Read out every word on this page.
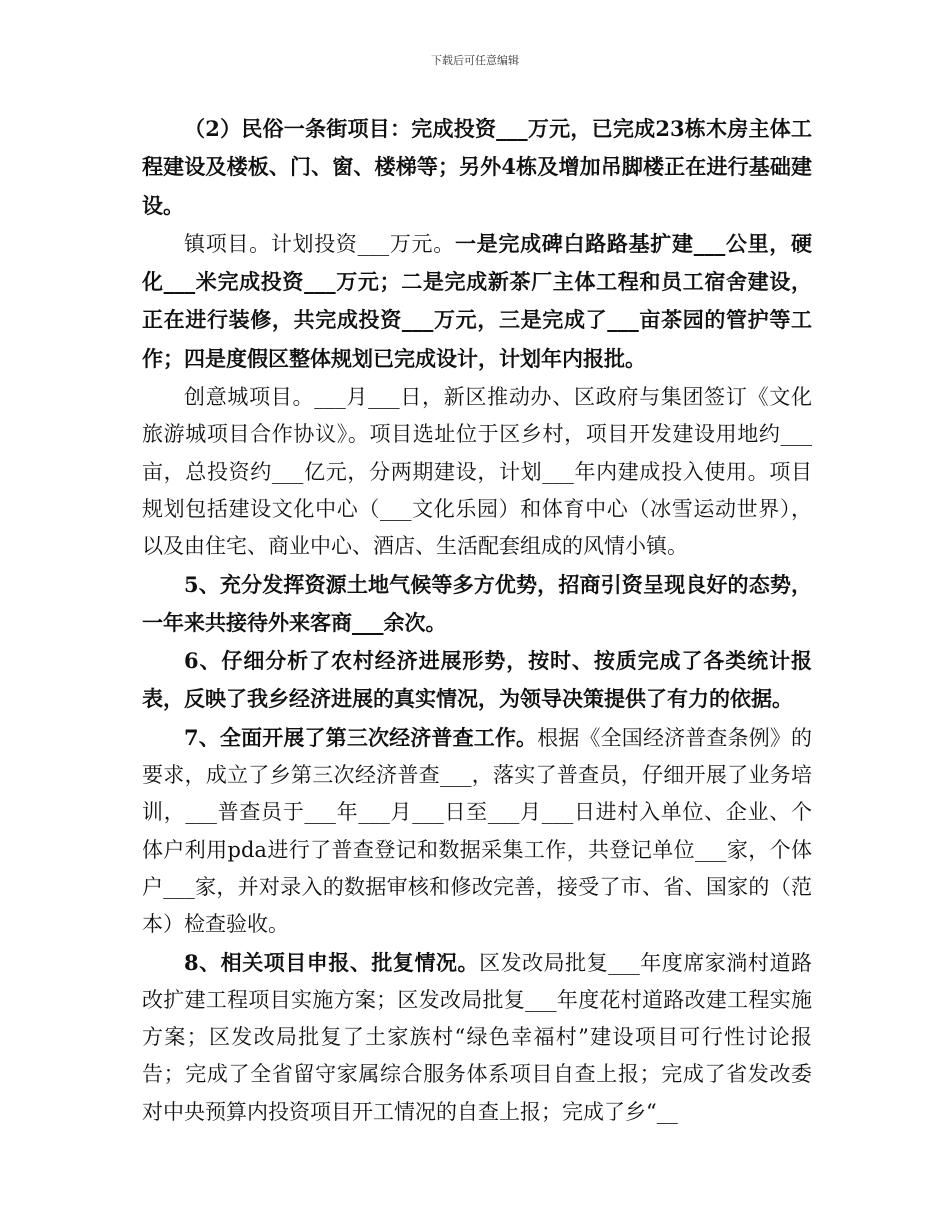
下载后可任意编辑

（2）民俗一条街项目：完成投资___万元，已完成23栋木房主体工程建设及楼板、门、窗、楼梯等；另外4栋及增加吊脚楼正在进行基础建设。

镇项目。计划投资___万元。一是完成碑白路路基扩建___公里，硬化___米完成投资___万元；二是完成新茶厂主体工程和员工宿舍建设，正在进行装修，共完成投资___万元，三是完成了___亩茶园的管护等工作；四是度假区整体规划已完成设计，计划年内报批。

创意城项目。___月___日，新区推动办、区政府与集团签订《文化旅游城项目合作协议》。项目选址位于区乡村，项目开发建设用地约___亩，总投资约___亿元，分两期建设，计划___年内建成投入使用。项目规划包括建设文化中心（___文化乐园）和体育中心（冰雪运动世界），以及由住宅、商业中心、酒店、生活配套组成的风情小镇。

5、充分发挥资源土地气候等多方优势，招商引资呈现良好的态势，一年来共接待外来客商___余次。

6、仔细分析了农村经济进展形势，按时、按质完成了各类统计报表，反映了我乡经济进展的真实情况，为领导决策提供了有力的依据。

7、全面开展了第三次经济普查工作。根据《全国经济普查条例》的要求，成立了乡第三次经济普查___，落实了普查员，仔细开展了业务培训，___普查员于___年___月___日至___月___日进村入单位、企业、个体户利用pda进行了普查登记和数据采集工作，共登记单位___家，个体户___家，并对录入的数据审核和修改完善，接受了市、省、国家的（范本）检查验收。

8、相关项目申报、批复情况。区发改局批复___年度席家淌村道路改扩建工程项目实施方案；区发改局批复___年度花村道路改建工程实施方案；区发改局批复了土家族村“绿色幸福村”建设项目可行性讨论报告；完成了全省留守家属综合服务体系项目自查上报；完成了省发改委对中央预算内投资项目开工情况的自查上报；完成了乡“__
